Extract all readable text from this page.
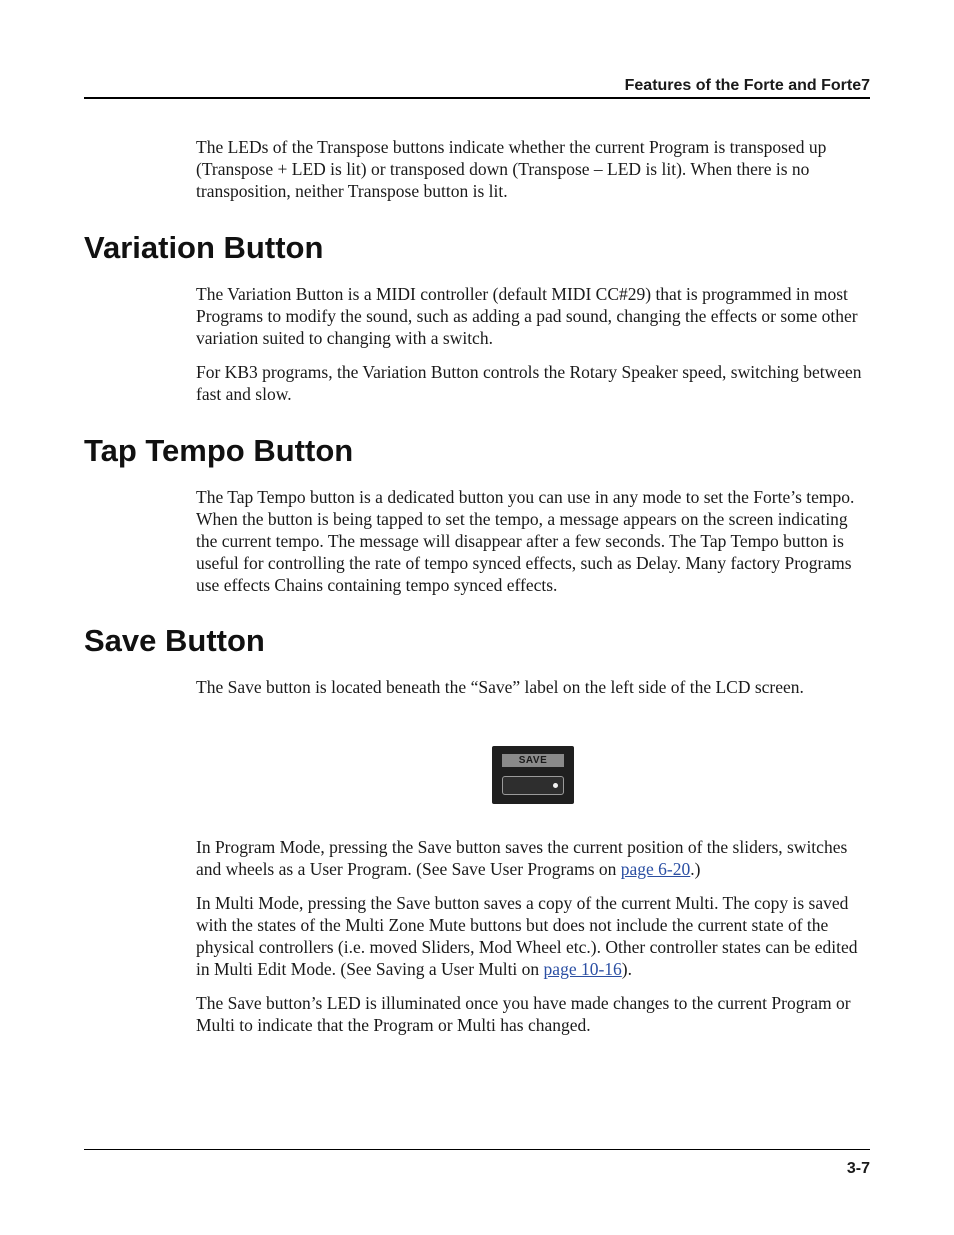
Features of the Forte and Forte7

The LEDs of the Transpose buttons indicate whether the current Program is transposed up (Transpose + LED is lit) or transposed down (Transpose – LED is lit). When there is no transposition, neither Transpose button is lit.

Variation Button

The Variation Button is a MIDI controller (default MIDI CC#29) that is programmed in most Programs to modify the sound, such as adding a pad sound, changing the effects or some other variation suited to changing with a switch.

For KB3 programs, the Variation Button controls the Rotary Speaker speed, switching between fast and slow.

Tap Tempo Button

The Tap Tempo button is a dedicated button you can use in any mode to set the Forte’s tempo. When the button is being tapped to set the tempo, a message appears on the screen indicating the current tempo. The message will disappear after a few seconds. The Tap Tempo button is useful for controlling the rate of tempo synced effects, such as Delay. Many factory Programs use effects Chains containing tempo synced effects.

Save Button

The Save button is located beneath the “Save” label on the left side of the LCD screen.

SAVE

In Program Mode, pressing the Save button saves the current position of the sliders, switches and wheels as a User Program. (See Save User Programs on page 6-20.)

In Multi Mode, pressing the Save button saves a copy of the current Multi. The copy is saved with the states of the Multi Zone Mute buttons but does not include the current state of the physical controllers (i.e. moved Sliders, Mod Wheel etc.). Other controller states can be edited in Multi Edit Mode. (See Saving a User Multi on page 10-16).

The Save button’s LED is illuminated once you have made changes to the current Program or Multi to indicate that the Program or Multi has changed.

3-7
